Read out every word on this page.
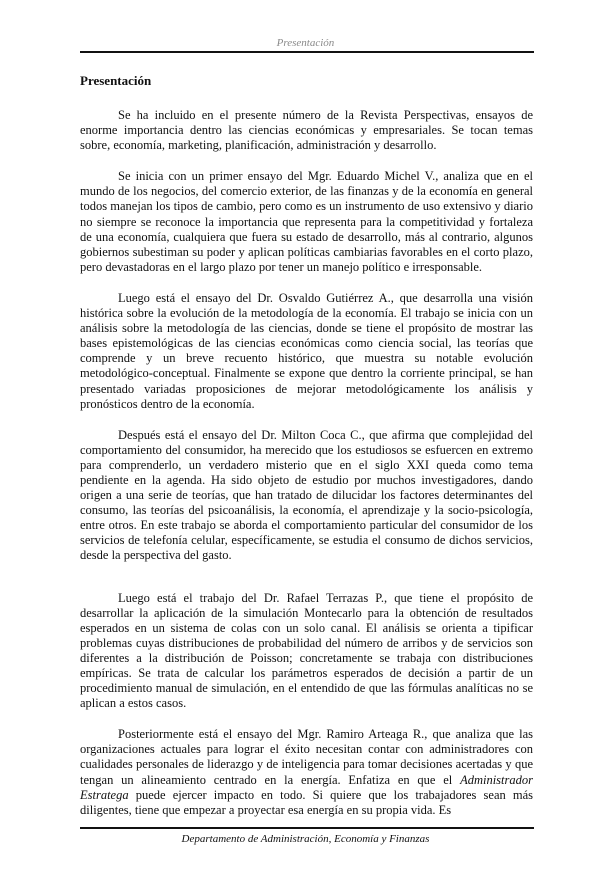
Presentación
Presentación

Se ha incluido en el presente número de la Revista Perspectivas, ensayos de enorme importancia dentro las ciencias económicas y empresariales. Se tocan temas sobre, economía, marketing, planificación, administración y desarrollo.

Se inicia con un primer ensayo del Mgr. Eduardo Michel V., analiza que en el mundo de los negocios, del comercio exterior, de las finanzas y de la economía en general todos manejan los tipos de cambio, pero como es un instrumento de uso extensivo y diario no siempre se reconoce la importancia que representa para la competitividad y fortaleza de una economía, cualquiera que fuera su estado de desarrollo, más al contrario, algunos gobiernos subestiman su poder y aplican políticas cambiarias favorables en el corto plazo, pero devastadoras en el largo plazo por tener un manejo político e irresponsable.

Luego está el ensayo del Dr. Osvaldo Gutiérrez A., que desarrolla una visión histórica sobre la evolución de la metodología de la economía. El trabajo se inicia con un análisis sobre la metodología de las ciencias, donde se tiene el propósito de mostrar las bases epistemológicas de las ciencias económicas como ciencia social, las teorías que comprende y un breve recuento histórico, que muestra su notable evolución metodológico-conceptual. Finalmente se expone que dentro la corriente principal, se han presentado variadas proposiciones de mejorar metodológicamente los análisis y pronósticos dentro de la economía.

Después está el ensayo del Dr. Milton Coca C., que afirma que complejidad del comportamiento del consumidor, ha merecido que los estudiosos se esfuercen en extremo para comprenderlo, un verdadero misterio que en el siglo XXI queda como tema pendiente en la agenda. Ha sido objeto de estudio por muchos investigadores, dando origen a una serie de teorías, que han tratado de dilucidar los factores determinantes del consumo, las teorías del psicoanálisis, la economía, el aprendizaje y la socio-psicología, entre otros. En este trabajo se aborda el comportamiento particular del consumidor de los servicios de telefonía celular, específicamente, se estudia el consumo de dichos servicios, desde la perspectiva del gasto.

Luego está el trabajo del Dr. Rafael Terrazas P., que tiene el propósito de desarrollar la aplicación de la simulación Montecarlo para la obtención de resultados esperados en un sistema de colas con un solo canal. El análisis se orienta a tipificar problemas cuyas distribuciones de probabilidad del número de arribos y de servicios son diferentes a la distribución de Poisson; concretamente se trabaja con distribuciones empíricas. Se trata de calcular los parámetros esperados de decisión a partir de un procedimiento manual de simulación, en el entendido de que las fórmulas analíticas no se aplican a estos casos.

Posteriormente está el ensayo del Mgr. Ramiro Arteaga R., que analiza que las organizaciones actuales para lograr el éxito necesitan contar con administradores con cualidades personales de liderazgo y de inteligencia para tomar decisiones acertadas y que tengan un alineamiento centrado en la energía. Enfatiza en que el Administrador Estratega puede ejercer impacto en todo. Si quiere que los trabajadores sean más diligentes, tiene que empezar a proyectar esa energía en su propia vida. Es

Departamento de Administración, Economía y Finanzas
